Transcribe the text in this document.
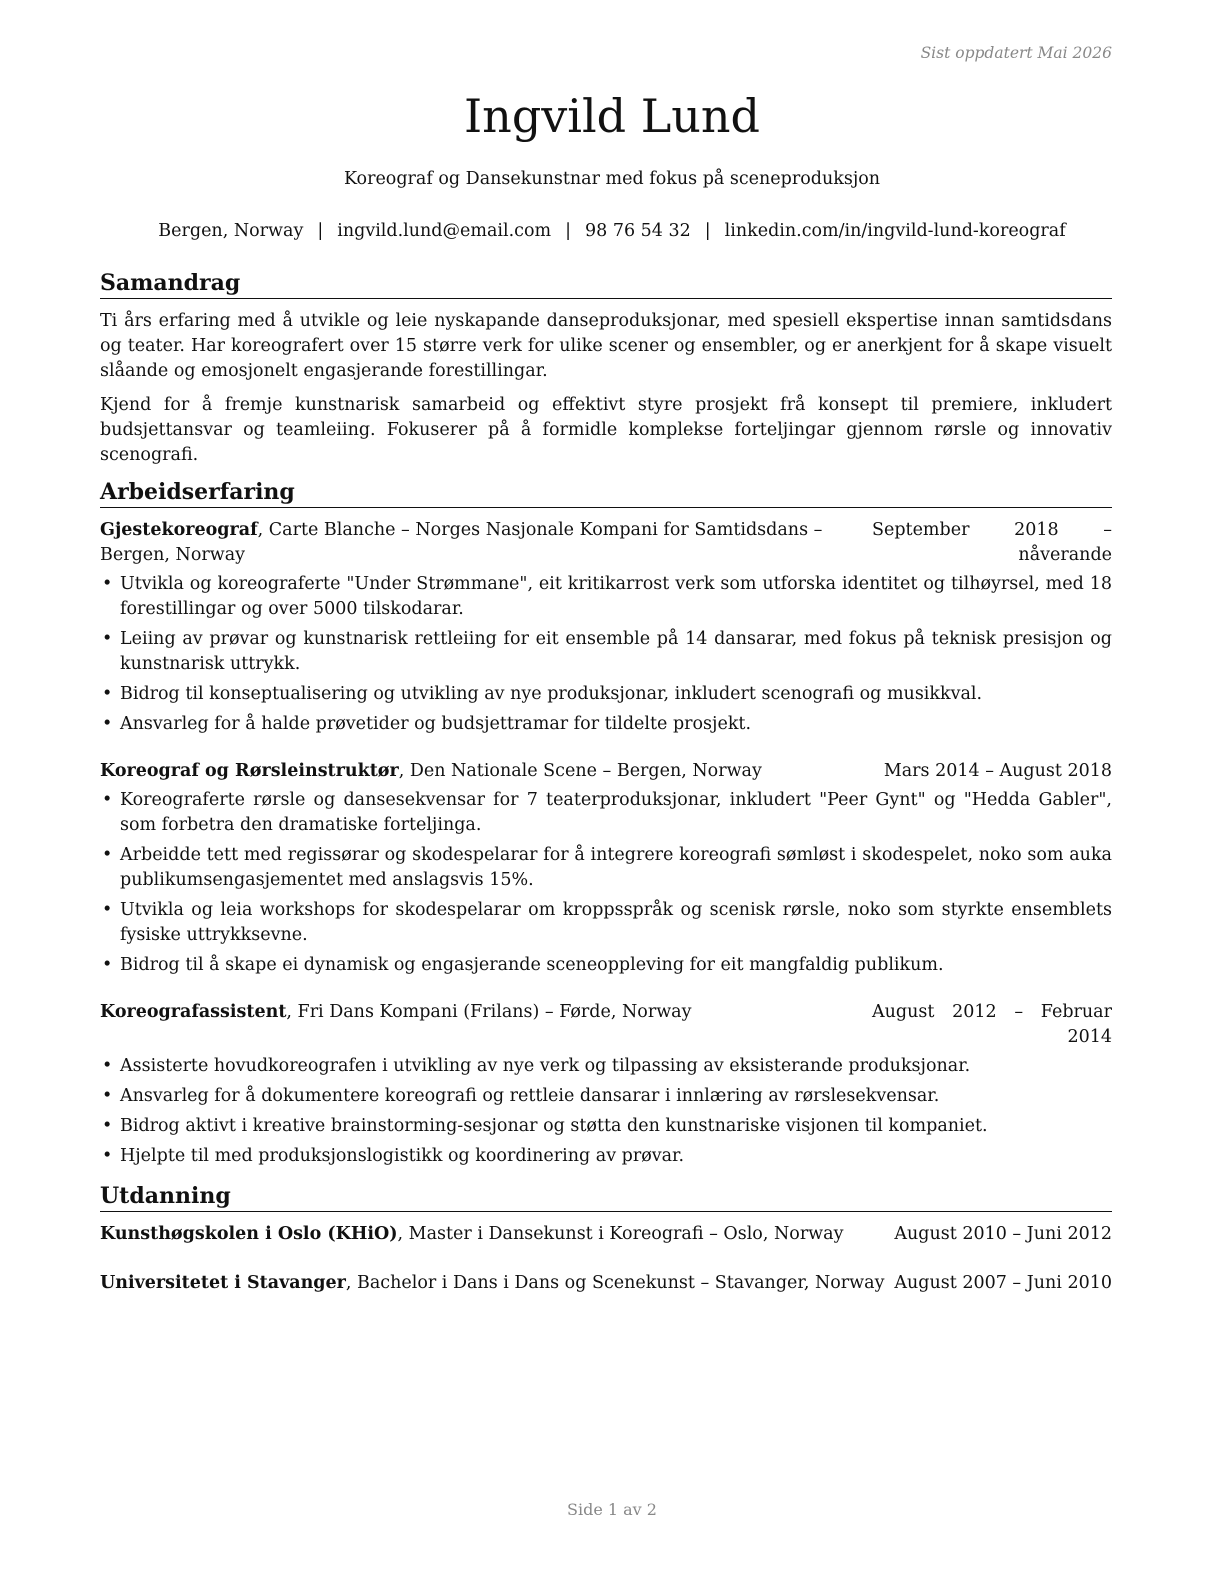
Sist oppdatert Mai 2026
Ingvild Lund
Koreograf og Dansekunstnar med fokus på sceneproduksjon
Bergen, Norway | ingvild.lund@email.com | 98 76 54 32 | linkedin.com/in/ingvild-lund-koreograf
Samandrag

Ti års erfaring med å utvikle og leie nyskapande danseproduksjonar, med spesiell ekspertise innan samtidsdans og teater. Har koreografert over 15 større verk for ulike scener og ensembler, og er anerkjent for å skape visuelt slåande og emosjonelt engasjerande forestillingar.

Kjend for å fremje kunstnarisk samarbeid og effektivt styre prosjekt frå konsept til premiere, inkludert budsjettansvar og teamleiing. Fokuserer på å formidle komplekse forteljingar gjennom rørsle og innovativ scenografi.

Arbeidserfaring
Gjestekoreograf, Carte Blanche – Norges Nasjonale Kompani for Samtidsdans – Bergen, Norway
September 2018 – nåverande
• Utvikla og koreograferte "Under Strømmane", eit kritikarrost verk som utforska identitet og tilhøyrsel, med 18 forestillingar og over 5000 tilskodarar.
• Leiing av prøvar og kunstnarisk rettleiing for eit ensemble på 14 dansarar, med fokus på teknisk presisjon og kunstnarisk uttrykk.
• Bidrog til konseptualisering og utvikling av nye produksjonar, inkludert scenografi og musikkval.
• Ansvarleg for å halde prøvetider og budsjettramar for tildelte prosjekt.
Koreograf og Rørsleinstruktør, Den Nationale Scene – Bergen, Norway	Mars 2014 – August 2018
• Koreograferte rørsle og dansesekvensar for 7 teaterproduksjonar, inkludert "Peer Gynt" og "Hedda Gabler", som forbetra den dramatiske forteljinga.
• Arbeidde tett med regissørar og skodespelarar for å integrere koreografi sømløst i skodespelet, noko som auka publikumsengasjementet med anslagsvis 15%.
• Utvikla og leia workshops for skodespelarar om kroppsspråk og scenisk rørsle, noko som styrkte ensemblets fysiske uttrykksevne.
• Bidrog til å skape ei dynamisk og engasjerande sceneoppleving for eit mangfaldig publikum.
Koreografassistent, Fri Dans Kompani (Frilans) – Førde, Norway	August 2012 – Februar 2014
• Assisterte hovudkoreografen i utvikling av nye verk og tilpassing av eksisterande produksjonar.
• Ansvarleg for å dokumentere koreografi og rettleie dansarar i innlæring av rørslesekvensar.
• Bidrog aktivt i kreative brainstorming-sesjonar og støtta den kunstnariske visjonen til kompaniet.
• Hjelpte til med produksjonslogistikk og koordinering av prøvar.
Utdanning
Kunsthøgskolen i Oslo (KHiO), Master i Dansekunst i Koreografi – Oslo, Norway	August 2010 – Juni 2012
Universitetet i Stavanger, Bachelor i Dans i Dans og Scenekunst – Stavanger, Norway August 2007 – Juni 2010
Side 1 av 2
